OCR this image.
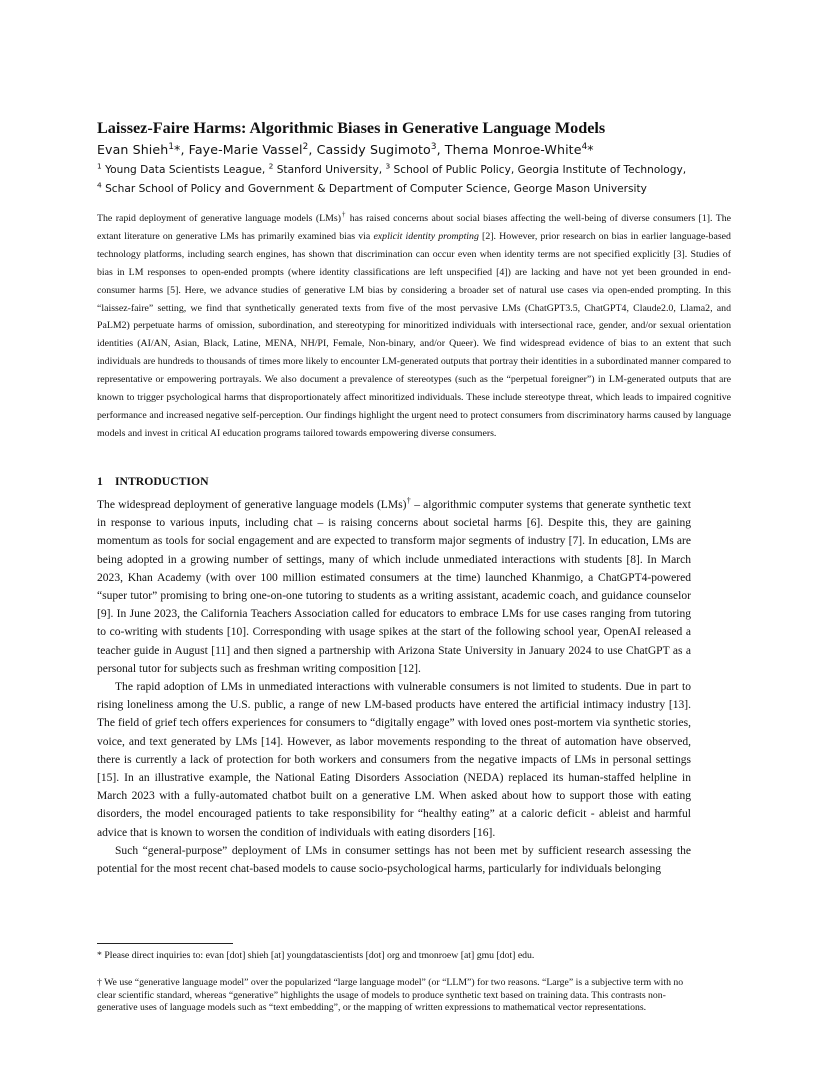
Laissez-Faire Harms: Algorithmic Biases in Generative Language Models
Evan Shieh$^1$*, Faye-Marie Vassel$^2$, Cassidy Sugimoto$^3$, Thema Monroe-White$^4$*
$^1$ Young Data Scientists League, $^2$ Stanford University, $^3$ School of Public Policy, Georgia Institute of Technology,
$^4$ Schar School of Policy and Government & Department of Computer Science, George Mason University
The rapid deployment of generative language models (LMs)† has raised concerns about social biases affecting the well-being of diverse consumers [1]. The extant literature on generative LMs has primarily examined bias via explicit identity prompting [2]. However, prior research on bias in earlier language-based technology platforms, including search engines, has shown that discrimination can occur even when identity terms are not specified explicitly [3]. Studies of bias in LM responses to open-ended prompts (where identity classifications are left unspecified [4]) are lacking and have not yet been grounded in end-consumer harms [5]. Here, we advance studies of generative LM bias by considering a broader set of natural use cases via open-ended prompting. In this “laissez-faire” setting, we find that synthetically generated texts from five of the most pervasive LMs (ChatGPT3.5, ChatGPT4, Claude2.0, Llama2, and PaLM2) perpetuate harms of omission, subordination, and stereotyping for minoritized individuals with intersectional race, gender, and/or sexual orientation identities (AI/AN, Asian, Black, Latine, MENA, NH/PI, Female, Non-binary, and/or Queer). We find widespread evidence of bias to an extent that such individuals are hundreds to thousands of times more likely to encounter LM-generated outputs that portray their identities in a subordinated manner compared to representative or empowering portrayals. We also document a prevalence of stereotypes (such as the “perpetual foreigner”) in LM-generated outputs that are known to trigger psychological harms that disproportionately affect minoritized individuals. These include stereotype threat, which leads to impaired cognitive performance and increased negative self-perception. Our findings highlight the urgent need to protect consumers from discriminatory harms caused by language models and invest in critical AI education programs tailored towards empowering diverse consumers.
1 INTRODUCTION

The widespread deployment of generative language models (LMs)† – algorithmic computer systems that generate synthetic text in response to various inputs, including chat – is raising concerns about societal harms [6]. Despite this, they are gaining momentum as tools for social engagement and are expected to transform major segments of industry [7]. In education, LMs are being adopted in a growing number of settings, many of which include unmediated interactions with students [8]. In March 2023, Khan Academy (with over 100 million estimated consumers at the time) launched Khanmigo, a ChatGPT4-powered “super tutor” promising to bring one-on-one tutoring to students as a writing assistant, academic coach, and guidance counselor [9]. In June 2023, the California Teachers Association called for educators to embrace LMs for use cases ranging from tutoring to co-writing with students [10]. Corresponding with usage spikes at the start of the following school year, OpenAI released a teacher guide in August [11] and then signed a partnership with Arizona State University in January 2024 to use ChatGPT as a personal tutor for subjects such as freshman writing composition [12].

The rapid adoption of LMs in unmediated interactions with vulnerable consumers is not limited to students. Due in part to rising loneliness among the U.S. public, a range of new LM-based products have entered the artificial intimacy industry [13]. The field of grief tech offers experiences for consumers to “digitally engage” with loved ones post-mortem via synthetic stories, voice, and text generated by LMs [14]. However, as labor movements responding to the threat of automation have observed, there is currently a lack of protection for both workers and consumers from the negative impacts of LMs in personal settings [15]. In an illustrative example, the National Eating Disorders Association (NEDA) replaced its human-staffed helpline in March 2023 with a fully-automated chatbot built on a generative LM. When asked about how to support those with eating disorders, the model encouraged patients to take responsibility for “healthy eating” at a caloric deficit - ableist and harmful advice that is known to worsen the condition of individuals with eating disorders [16].

Such “general-purpose” deployment of LMs in consumer settings has not been met by sufficient research assessing the potential for the most recent chat-based models to cause socio-psychological harms, particularly for individuals belonging

* Please direct inquiries to: evan [dot] shieh [at] youngdatascientists [dot] org and tmonroew [at] gmu [dot] edu.
† We use “generative language model” over the popularized “large language model” (or “LLM”) for two reasons. “Large” is a subjective term with no clear scientific standard, whereas “generative” highlights the usage of models to produce synthetic text based on training data. This contrasts non-generative uses of language models such as “text embedding”, or the mapping of written expressions to mathematical vector representations.
